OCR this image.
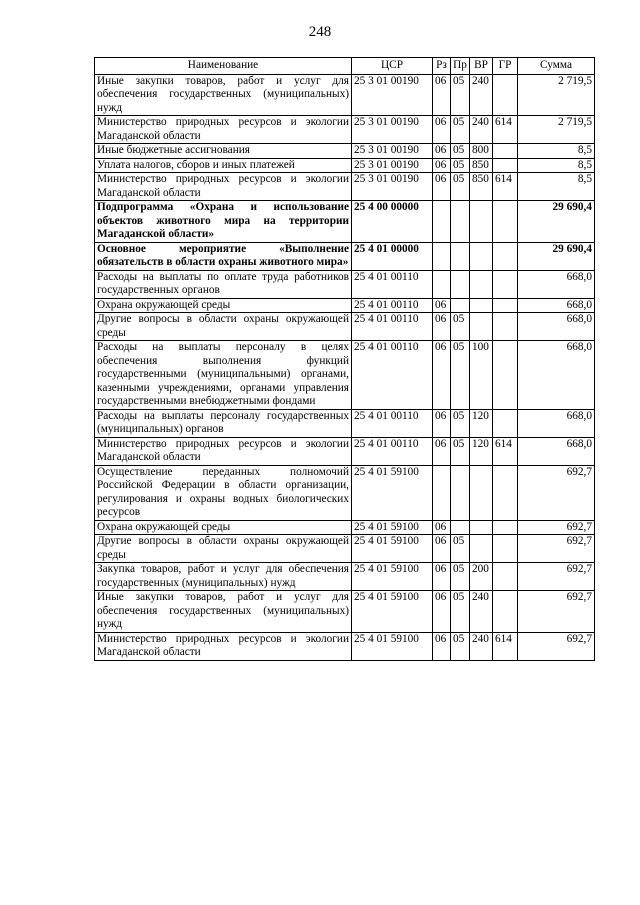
248
Наименование	ЦСР	Рз	Пр	ВР	ГР	Сумма
Иные закупки товаров, работ и услуг для обеспечения государственных (муниципальных) нужд	25 3 01 00190	06	05	240		2 719,5
Министерство природных ресурсов и экологии Магаданской области	25 3 01 00190	06	05	240	614	2 719,5
Иные бюджетные ассигнования	25 3 01 00190	06	05	800		8,5
Уплата налогов, сборов и иных платежей	25 3 01 00190	06	05	850		8,5
Министерство природных ресурсов и экологии Магаданской области	25 3 01 00190	06	05	850	614	8,5
Подпрограмма «Охрана и использование объектов животного мира на территории Магаданской области»	25 4 00 00000					29 690,4
Основное мероприятие «Выполнение обязательств в области охраны животного мира»	25 4 01 00000					29 690,4
Расходы на выплаты по оплате труда работников государственных органов	25 4 01 00110					668,0
Охрана окружающей среды	25 4 01 00110	06				668,0
Другие вопросы в области охраны окружающей среды	25 4 01 00110	06	05			668,0
Расходы на выплаты персоналу в целях обеспечения выполнения функций государственными (муниципальными) органами, казенными учреждениями, органами управления государственными внебюджетными фондами	25 4 01 00110	06	05	100		668,0
Расходы на выплаты персоналу государственных (муниципальных) органов	25 4 01 00110	06	05	120		668,0
Министерство природных ресурсов и экологии Магаданской области	25 4 01 00110	06	05	120	614	668,0
Осуществление переданных полномочий Российской Федерации в области организации, регулирования и охраны водных биологических ресурсов	25 4 01 59100					692,7
Охрана окружающей среды	25 4 01 59100	06				692,7
Другие вопросы в области охраны окружающей среды	25 4 01 59100	06	05			692,7
Закупка товаров, работ и услуг для обеспечения государственных (муниципальных) нужд	25 4 01 59100	06	05	200		692,7
Иные закупки товаров, работ и услуг для обеспечения государственных (муниципальных) нужд	25 4 01 59100	06	05	240		692,7
Министерство природных ресурсов и экологии Магаданской области	25 4 01 59100	06	05	240	614	692,7
